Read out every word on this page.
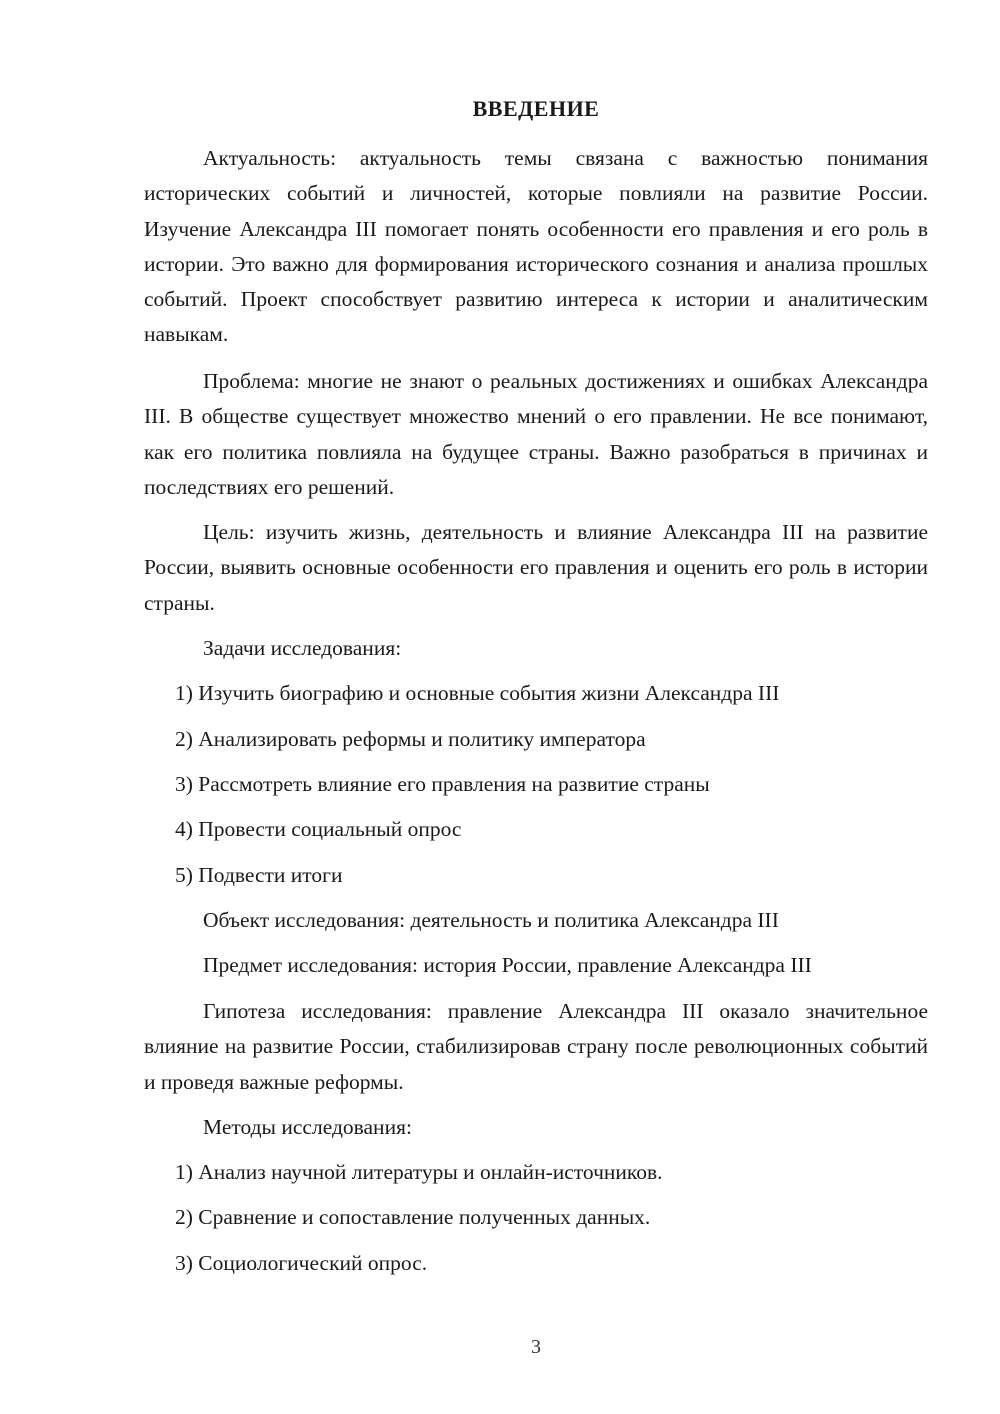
ВВЕДЕНИЕ

Актуальность: актуальность темы связана с важностью понимания исторических событий и личностей, которые повлияли на развитие России. Изучение Александра III помогает понять особенности его правления и его роль в истории. Это важно для формирования исторического сознания и анализа прошлых событий. Проект способствует развитию интереса к истории и аналитическим навыкам.

Проблема: многие не знают о реальных достижениях и ошибках Александра III. В обществе существует множество мнений о его правлении. Не все понимают, как его политика повлияла на будущее страны. Важно разобраться в причинах и последствиях его решений.

Цель: изучить жизнь, деятельность и влияние Александра III на развитие России, выявить основные особенности его правления и оценить его роль в истории страны.

Задачи исследования:

1) Изучить биографию и основные события жизни Александра III

2) Анализировать реформы и политику императора

3) Рассмотреть влияние его правления на развитие страны

4) Провести социальный опрос

5) Подвести итоги

Объект исследования: деятельность и политика Александра III

Предмет исследования: история России, правление Александра III

Гипотеза исследования: правление Александра III оказало значительное влияние на развитие России, стабилизировав страну после революционных событий и проведя важные реформы.

Методы исследования:

1) Анализ научной литературы и онлайн-источников.

2) Сравнение и сопоставление полученных данных.

3) Социологический опрос.

3
